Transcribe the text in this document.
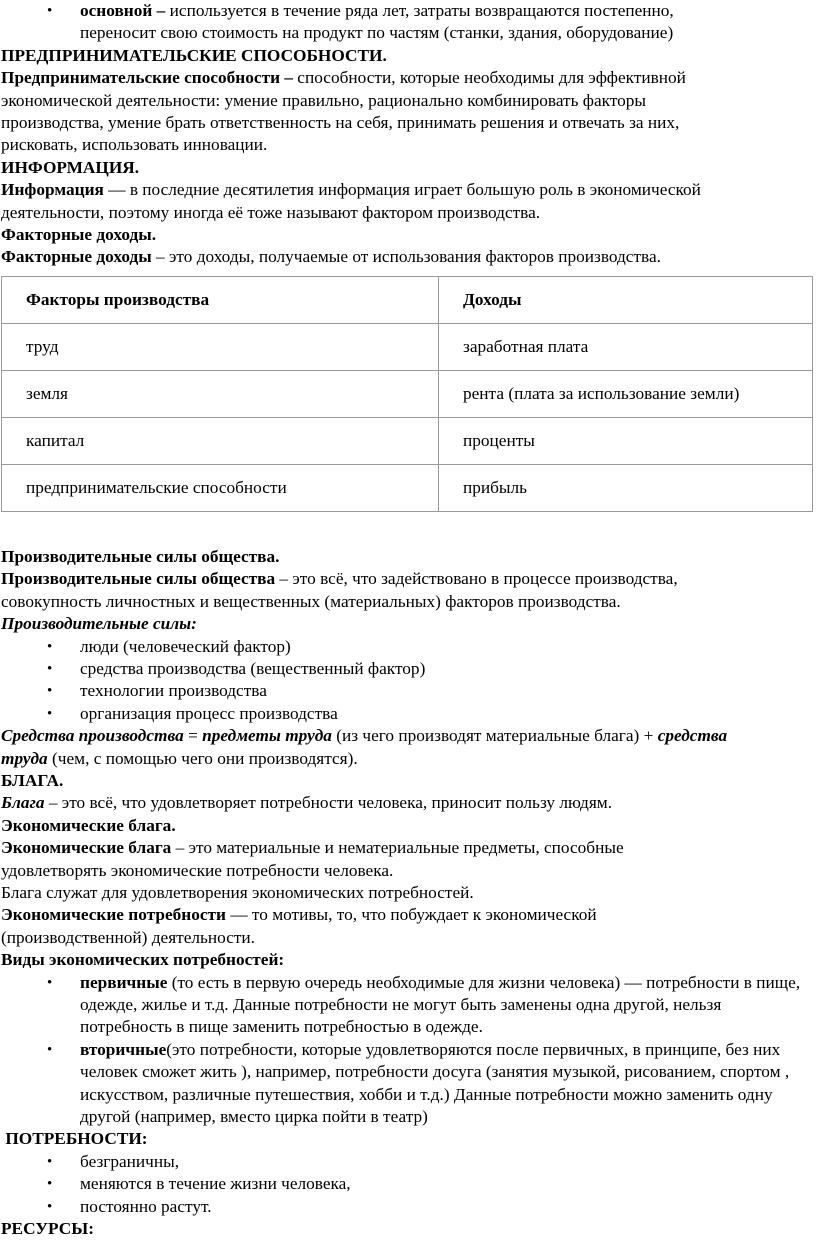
• основной – используется в течение ряда лет, затраты возвращаются постепенно,
переносит свою стоимость на продукт по частям (станки, здания, оборудование)

ПРЕДПРИНИМАТЕЛЬСКИЕ СПОСОБНОСТИ.

Предпринимательские способности – способности, которые необходимы для эффективной
экономической деятельности: умение правильно, рационально комбинировать факторы
производства, умение брать ответственность на себя, принимать решения и отвечать за них,
рисковать, использовать инновации.

ИНФОРМАЦИЯ.

Информация — в последние десятилетия информация играет большую роль в экономической
деятельности, поэтому иногда её тоже называют фактором производства.

Факторные доходы.

Факторные доходы – это доходы, получаемые от использования факторов производства.

Факторы производства	Доходы
труд	заработная плата
земля	рента (плата за использование земли)
капитал	проценты
предпринимательские способности	прибыль

Производительные силы общества.

Производительные силы общества – это всё, что задействовано в процессе производства,
совокупность личностных и вещественных (материальных) факторов производства.

Производительные силы:

• люди (человеческий фактор)
• средства производства (вещественный фактор)
• технологии производства
• организация процесс производства

Средства производства = предметы труда (из чего производят материальные блага) + средства
труда (чем, с помощью чего они производятся).

БЛАГА.

Блага – это всё, что удовлетворяет потребности человека, приносит пользу людям.

Экономические блага.

Экономические блага – это материальные и нематериальные предметы, способные
удовлетворять экономические потребности человека.
Блага служат для удовлетворения экономических потребностей.

Экономические потребности — то мотивы, то, что побуждает к экономической
(производственной) деятельности.

Виды экономических потребностей:

• первичные (то есть в первую очередь необходимые для жизни человека) — потребности в пище, одежде, жилье и т.д. Данные потребности не могут быть заменены одна другой, нельзя потребность в пище заменить потребностью в одежде.
• вторичные(это потребности, которые удовлетворяются после первичных, в принципе, без них человек сможет жить ), например, потребности досуга (занятия музыкой, рисованием, спортом , искусством, различные путешествия, хобби и т.д.) Данные потребности можно заменить одну другой (например, вместо цирка пойти в театр)

ПОТРЕБНОСТИ:

• безграничны,
• меняются в течение жизни человека,
• постоянно растут.

РЕСУРСЫ:
